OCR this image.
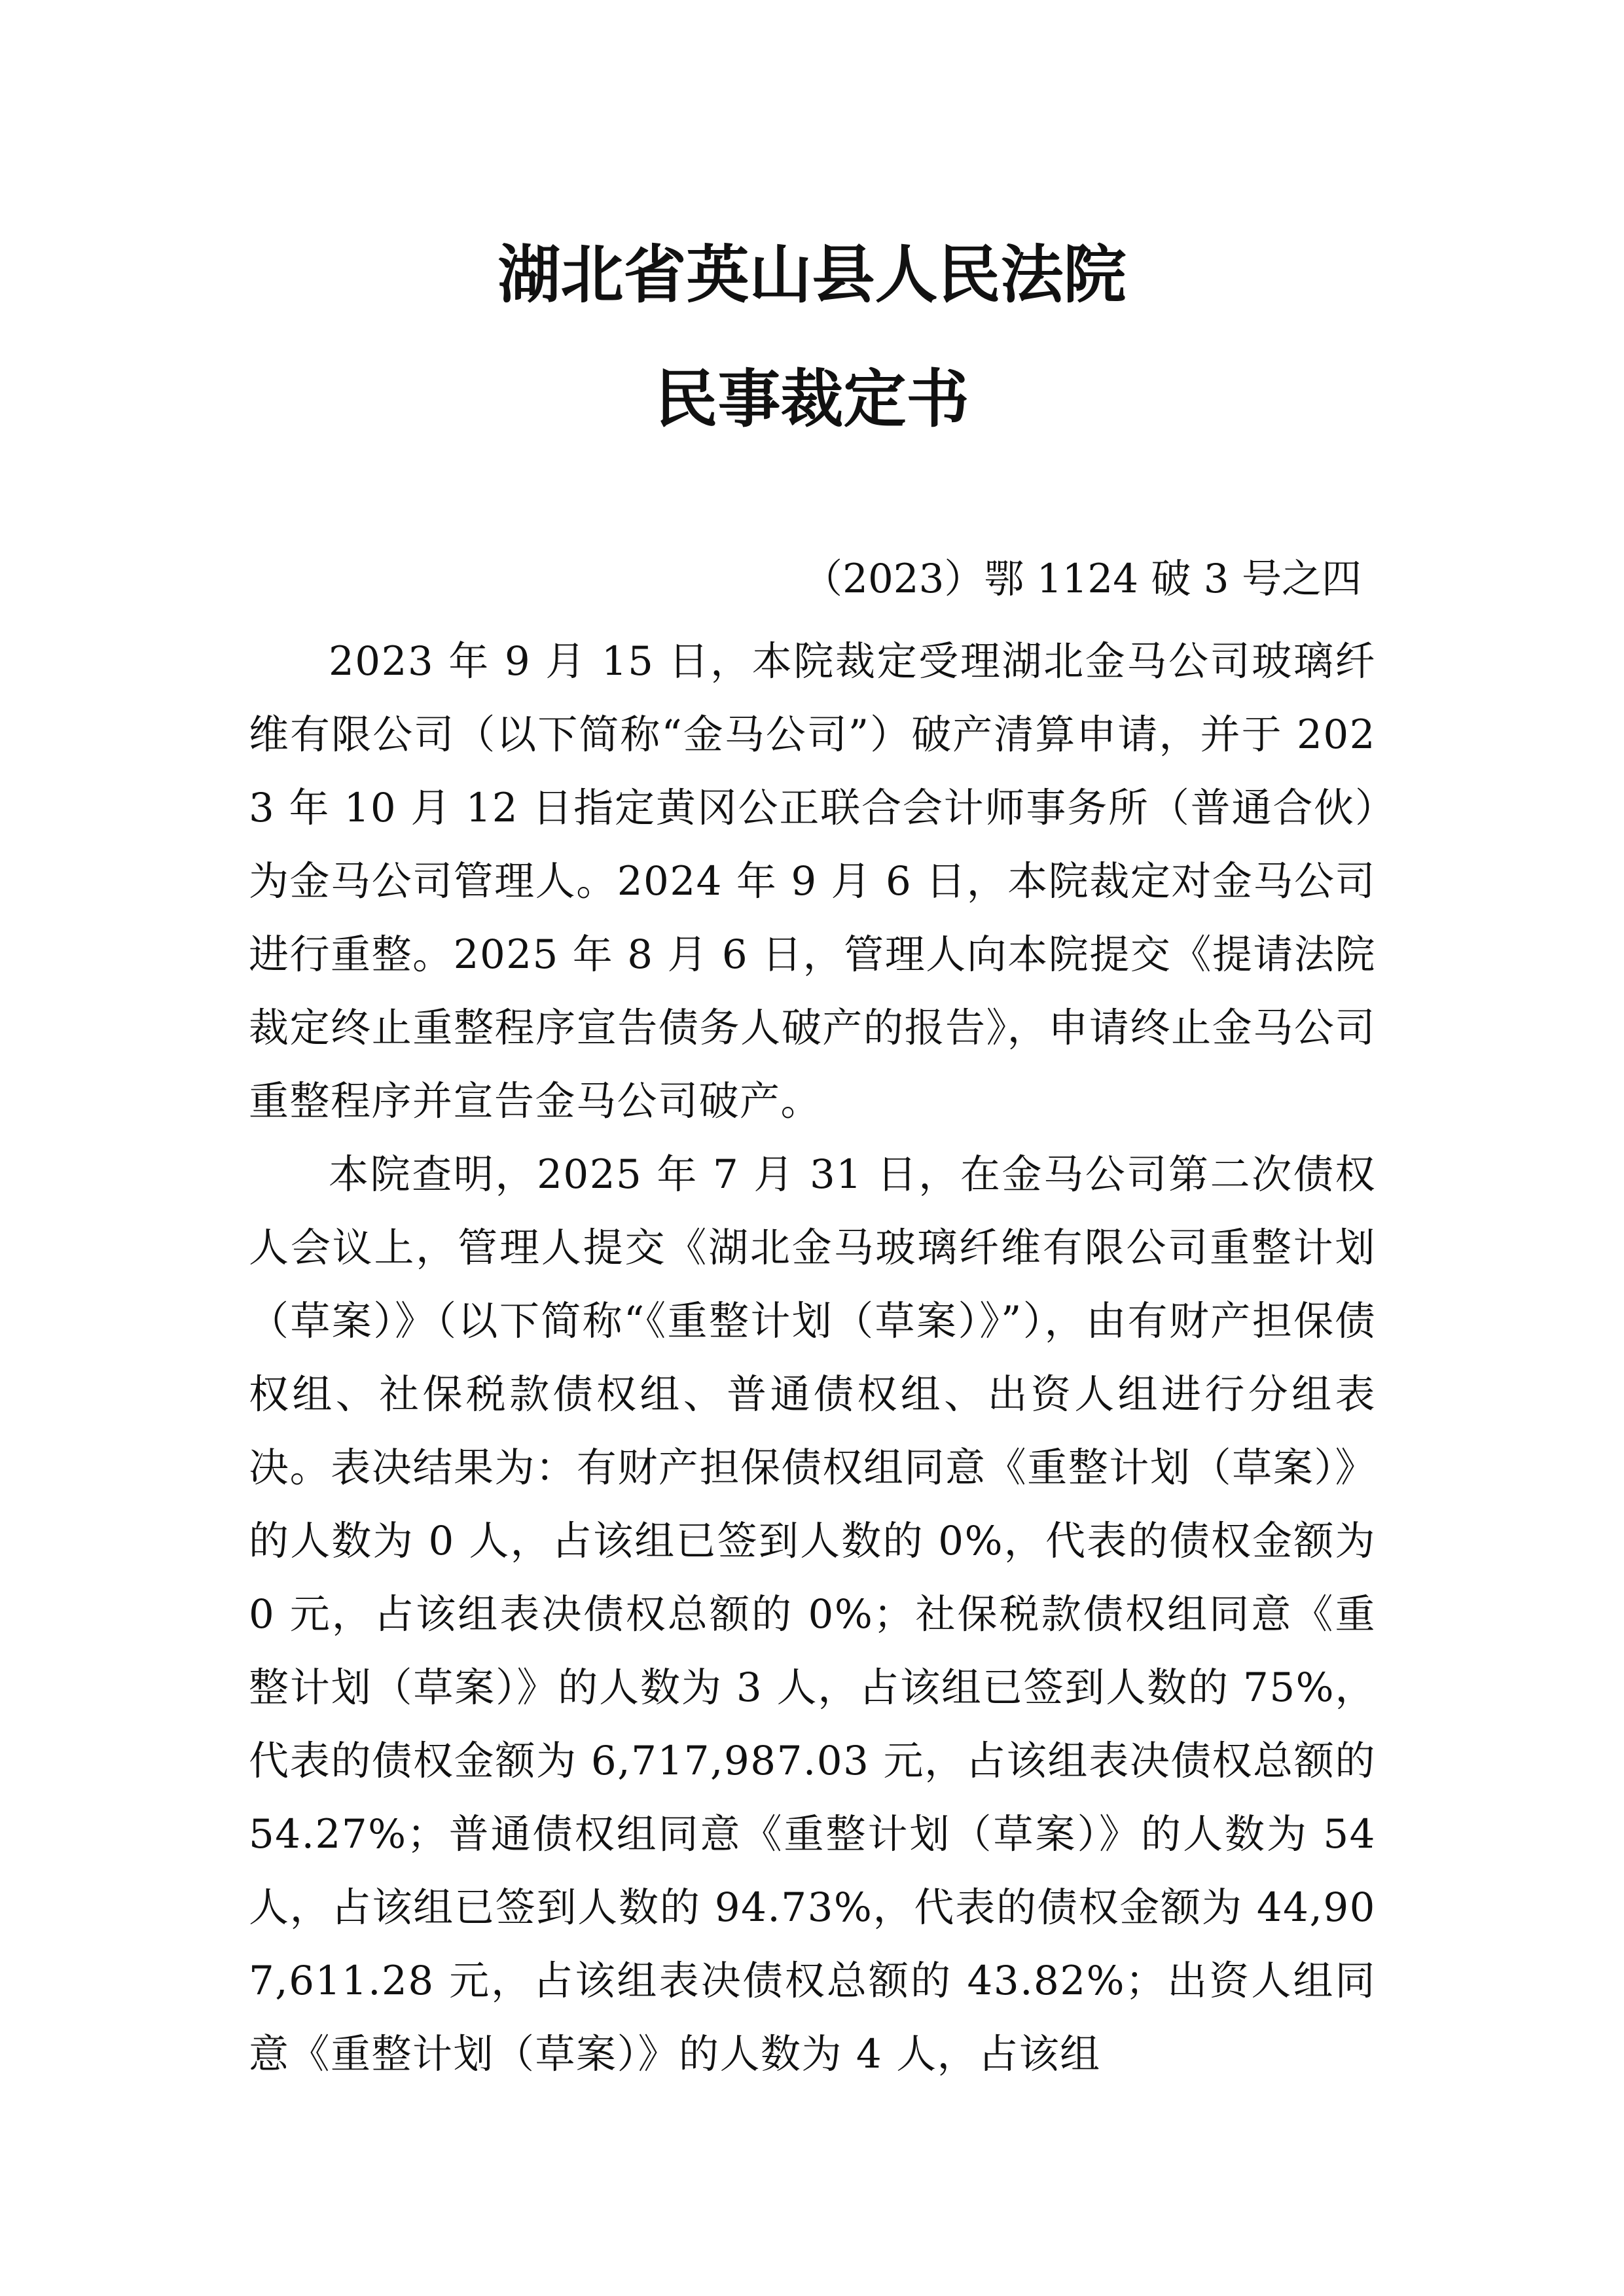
湖北省英山县人民法院
民事裁定书

（2023）鄂 1124 破 3 号之四

2023 年 9 月 15 日，本院裁定受理湖北金马公司玻璃纤维有限公司（以下简称“金马公司”）破产清算申请，并于 2023 年 10 月 12 日指定黄冈公正联合会计师事务所（普通合伙）为金马公司管理人。2024 年 9 月 6 日，本院裁定对金马公司进行重整。2025 年 8 月 6 日，管理人向本院提交《提请法院裁定终止重整程序宣告债务人破产的报告》，申请终止金马公司重整程序并宣告金马公司破产。

本院查明，2025 年 7 月 31 日，在金马公司第二次债权人会议上，管理人提交《湖北金马玻璃纤维有限公司重整计划（草案）》（以下简称“《重整计划（草案）》”），由有财产担保债权组、社保税款债权组、普通债权组、出资人组进行分组表决。表决结果为：有财产担保债权组同意《重整计划（草案）》的人数为 0 人，占该组已签到人数的 0%，代表的债权金额为 0 元，占该组表决债权总额的 0%；社保税款债权组同意《重整计划（草案）》的人数为 3 人，占该组已签到人数的 75%，代表的债权金额为 6,717,987.03 元，占该组表决债权总额的 54.27%；普通债权组同意《重整计划（草案）》的人数为 54 人，占该组已签到人数的 94.73%，代表的债权金额为 44,907,611.28 元，占该组表决债权总额的 43.82%；出资人组同意《重整计划（草案）》的人数为 4 人，占该组
